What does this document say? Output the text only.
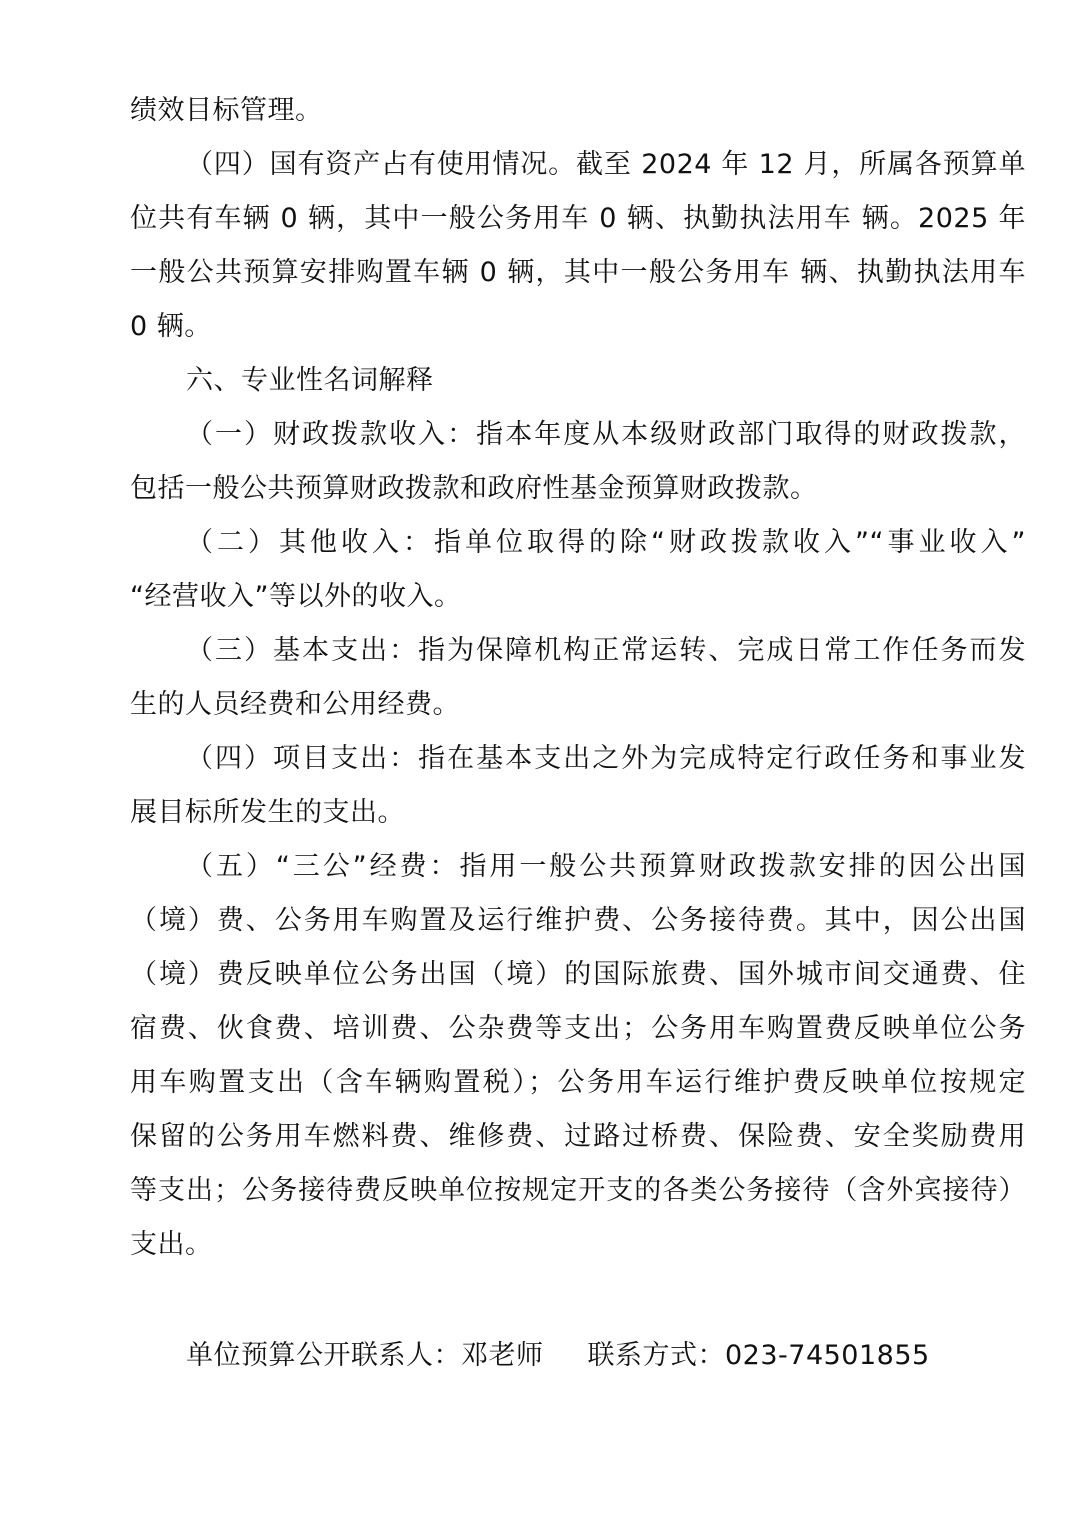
绩效目标管理。
（四）国有资产占有使用情况。截至 2024 年 12 月，所属各预算单
位共有车辆 0 辆，其中一般公务用车 0 辆、执勤执法用车 辆。2025 年
一般公共预算安排购置车辆 0 辆，其中一般公务用车 辆、执勤执法用车
0 辆。
六、专业性名词解释
（一）财政拨款收入：指本年度从本级财政部门取得的财政拨款，
包括一般公共预算财政拨款和政府性基金预算财政拨款。
（二）其他收入：指单位取得的除“财政拨款收入”“事业收入”
“经营收入”等以外的收入。
（三）基本支出：指为保障机构正常运转、完成日常工作任务而发
生的人员经费和公用经费。
（四）项目支出：指在基本支出之外为完成特定行政任务和事业发
展目标所发生的支出。
（五）“三公”经费：指用一般公共预算财政拨款安排的因公出国
（境）费、公务用车购置及运行维护费、公务接待费。其中，因公出国
（境）费反映单位公务出国（境）的国际旅费、国外城市间交通费、住
宿费、伙食费、培训费、公杂费等支出；公务用车购置费反映单位公务
用车购置支出（含车辆购置税）；公务用车运行维护费反映单位按规定
保留的公务用车燃料费、维修费、过路过桥费、保险费、安全奖励费用
等支出；公务接待费反映单位按规定开支的各类公务接待（含外宾接待）
支出。
单位预算公开联系人：邓老师 联系方式：023-74501855
